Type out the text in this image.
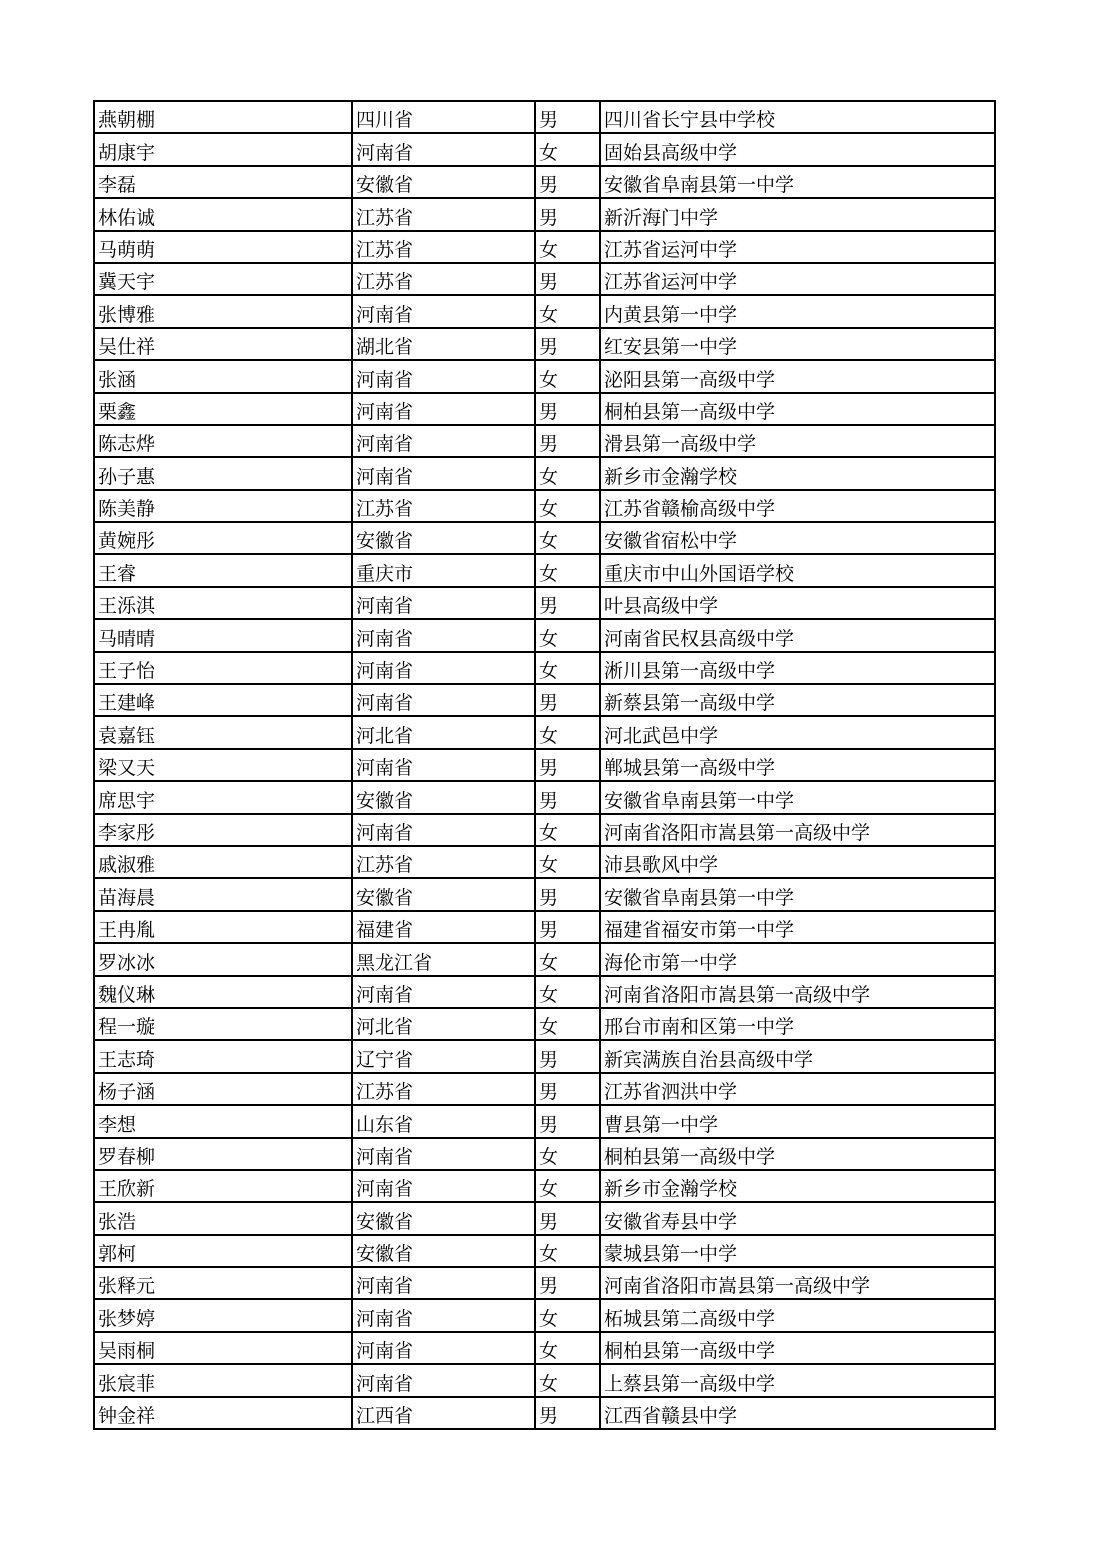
燕朝棚	四川省	男	四川省长宁县中学校
胡康宇	河南省	女	固始县高级中学
李磊	安徽省	男	安徽省阜南县第一中学
林佑诚	江苏省	男	新沂海门中学
马萌萌	江苏省	女	江苏省运河中学
冀天宇	江苏省	男	江苏省运河中学
张博雅	河南省	女	内黄县第一中学
吴仕祥	湖北省	男	红安县第一中学
张涵	河南省	女	泌阳县第一高级中学
栗鑫	河南省	男	桐柏县第一高级中学
陈志烨	河南省	男	滑县第一高级中学
孙子惠	河南省	女	新乡市金瀚学校
陈美静	江苏省	女	江苏省赣榆高级中学
黄婉彤	安徽省	女	安徽省宿松中学
王睿	重庆市	女	重庆市中山外国语学校
王泺淇	河南省	男	叶县高级中学
马晴晴	河南省	女	河南省民权县高级中学
王子怡	河南省	女	淅川县第一高级中学
王建峰	河南省	男	新蔡县第一高级中学
袁嘉钰	河北省	女	河北武邑中学
梁又天	河南省	男	郸城县第一高级中学
席思宇	安徽省	男	安徽省阜南县第一中学
李家彤	河南省	女	河南省洛阳市嵩县第一高级中学
戚淑雅	江苏省	女	沛县歌风中学
苗海晨	安徽省	男	安徽省阜南县第一中学
王冉胤	福建省	男	福建省福安市第一中学
罗冰冰	黑龙江省	女	海伦市第一中学
魏仪琳	河南省	女	河南省洛阳市嵩县第一高级中学
程一璇	河北省	女	邢台市南和区第一中学
王志琦	辽宁省	男	新宾满族自治县高级中学
杨子涵	江苏省	男	江苏省泗洪中学
李想	山东省	男	曹县第一中学
罗春柳	河南省	女	桐柏县第一高级中学
王欣新	河南省	女	新乡市金瀚学校
张浩	安徽省	男	安徽省寿县中学
郭柯	安徽省	女	蒙城县第一中学
张释元	河南省	男	河南省洛阳市嵩县第一高级中学
张梦婷	河南省	女	柘城县第二高级中学
吴雨桐	河南省	女	桐柏县第一高级中学
张宸菲	河南省	女	上蔡县第一高级中学
钟金祥	江西省	男	江西省赣县中学
